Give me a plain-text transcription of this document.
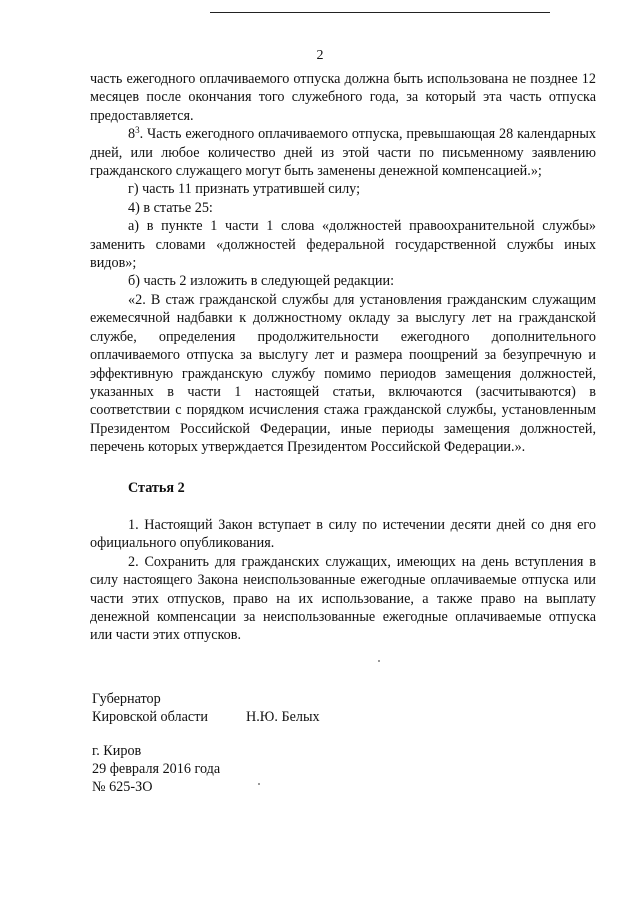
2

часть ежегодного оплачиваемого отпуска должна быть использована не позднее 12 месяцев после окончания того служебного года, за который эта часть отпуска предоставляется.

$8^3$. Часть ежегодного оплачиваемого отпуска, превышающая 28 календарных дней, или любое количество дней из этой части по письменному заявлению гражданского служащего могут быть заменены денежной компенсацией.»;

г) часть 11 признать утратившей силу;

4) в статье 25:

а) в пункте 1 части 1 слова «должностей правоохранительной службы» заменить словами «должностей федеральной государственной службы иных видов»;

б) часть 2 изложить в следующей редакции:

«2. В стаж гражданской службы для установления гражданским служащим ежемесячной надбавки к должностному окладу за выслугу лет на гражданской службе, определения продолжительности ежегодного дополнительного оплачиваемого отпуска за выслугу лет и размера поощрений за безупречную и эффективную гражданскую службу помимо периодов замещения должностей, указанных в части 1 настоящей статьи, включаются (засчитываются) в соответствии с порядком исчисления стажа гражданской службы, установленным Президентом Российской Федерации, иные периоды замещения должностей, перечень которых утверждается Президентом Российской Федерации.».

Статья 2

1. Настоящий Закон вступает в силу по истечении десяти дней со дня его официального опубликования.

2. Сохранить для гражданских служащих, имеющих на день вступления в силу настоящего Закона неиспользованные ежегодные оплачиваемые отпуска или части этих отпусков, право на их использование, а также право на выплату денежной компенсации за неиспользованные ежегодные оплачиваемые отпуска или части этих отпусков.

Губернатор
Кировской области	Н.Ю. Белых
г. Киров
29 февраля 2016 года
№ 625-ЗО
